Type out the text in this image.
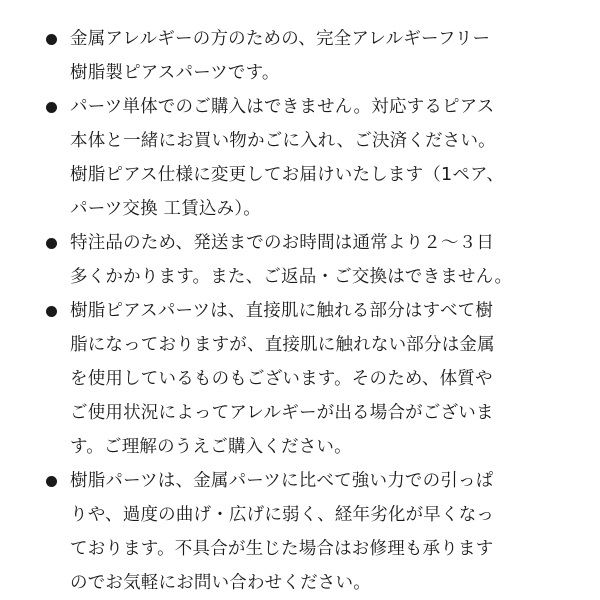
金属アレルギーの方のための、完全アレルギーフリー
樹脂製ピアスパーツです。
パーツ単体でのご購入はできません。対応するピアス
本体と一緒にお買い物かごに入れ、ご決済ください。
樹脂ピアス仕様に変更してお届けいたします（1ペア、
パーツ交換 工賃込み）。
特注品のため、発送までのお時間は通常より２～３日
多くかかります。また、ご返品・ご交換はできません。
樹脂ピアスパーツは、直接肌に触れる部分はすべて樹
脂になっておりますが、直接肌に触れない部分は金属
を使用しているものもございます。そのため、体質や
ご使用状況によってアレルギーが出る場合がございま
す。ご理解のうえご購入ください。
樹脂パーツは、金属パーツに比べて強い力での引っぱ
りや、過度の曲げ・広げに弱く、経年劣化が早くなっ
ております。不具合が生じた場合はお修理も承ります
のでお気軽にお問い合わせください。
